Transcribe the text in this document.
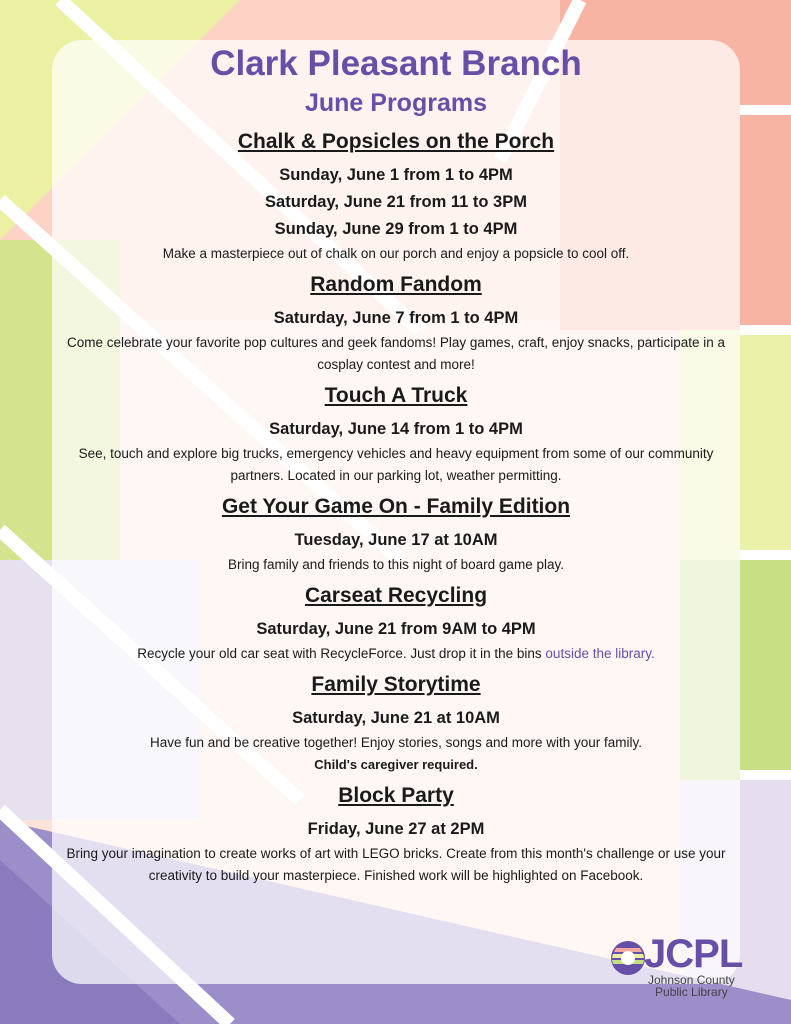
Clark Pleasant Branch
June Programs
Chalk & Popsicles on the Porch
Sunday, June 1 from 1 to 4PM
Saturday, June 21 from 11 to 3PM
Sunday, June 29 from 1 to 4PM
Make a masterpiece out of chalk on our porch and enjoy a popsicle to cool off.
Random Fandom
Saturday, June 7 from 1 to 4PM
Come celebrate your favorite pop cultures and geek fandoms! Play games, craft, enjoy snacks, participate in a cosplay contest and more!
Touch A Truck
Saturday, June 14 from 1 to 4PM
See, touch and explore big trucks, emergency vehicles and heavy equipment from some of our community partners. Located in our parking lot, weather permitting.
Get Your Game On - Family Edition
Tuesday, June 17 at 10AM
Bring family and friends to this night of board game play.
Carseat Recycling
Saturday, June 21 from 9AM to 4PM
Recycle your old car seat with RecycleForce. Just drop it in the bins outside the library.
Family Storytime
Saturday, June 21 at 10AM
Have fun and be creative together! Enjoy stories, songs and more with your family.
Child's caregiver required.
Block Party
Friday, June 27 at 2PM
Bring your imagination to create works of art with LEGO bricks. Create from this month's challenge or use your creativity to build your masterpiece. Finished work will be highlighted on Facebook.
JCPL
Johnson County
Public Library
